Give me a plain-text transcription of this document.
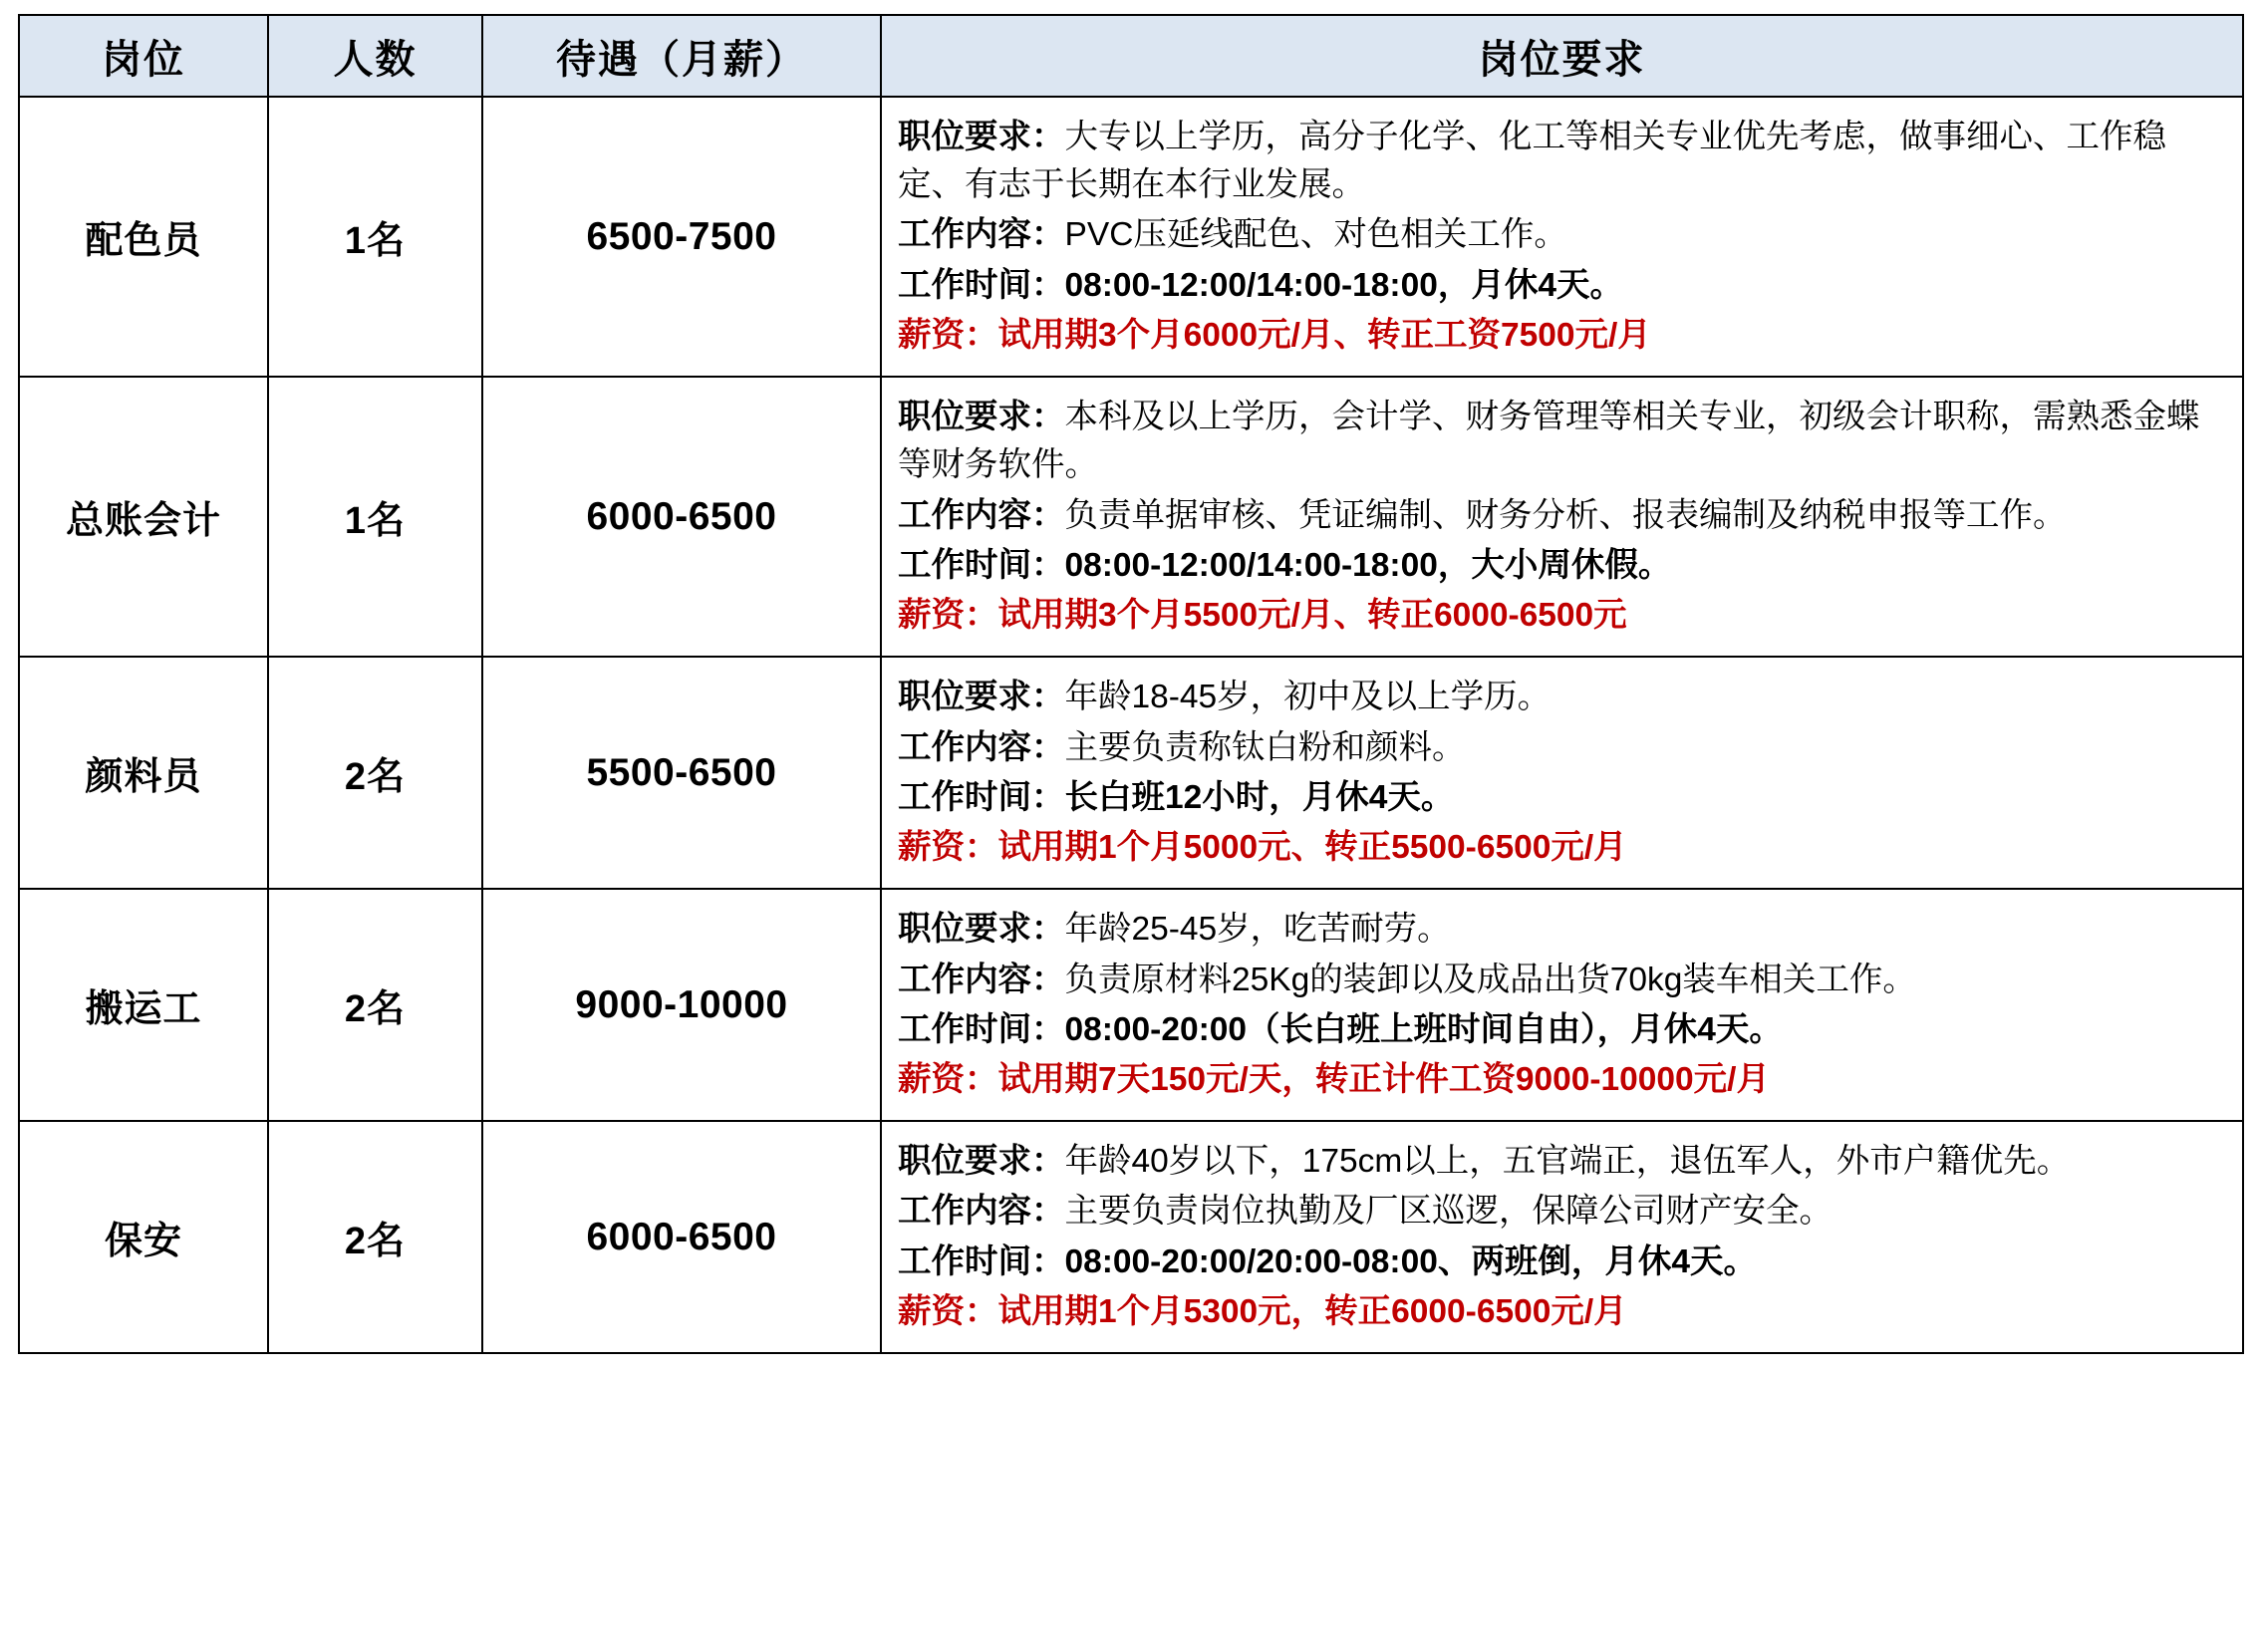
岗位	人数	待遇（月薪）	岗位要求
配色员	1名	6500-7500	职位要求：大专以上学历，高分子化学、化工等相关专业优先考虑，做事细心、工作稳定、有志于长期在本行业发展。

工作内容：PVC压延线配色、对色相关工作。

工作时间：08:00-12:00/14:00-18:00，月休4天。

薪资：试用期3个月6000元/月、转正工资7500元/月

总账会计	1名	6000-6500	职位要求：本科及以上学历，会计学、财务管理等相关专业，初级会计职称，需熟悉金蝶等财务软件。

工作内容：负责单据审核、凭证编制、财务分析、报表编制及纳税申报等工作。

工作时间：08:00-12:00/14:00-18:00，大小周休假。

薪资：试用期3个月5500元/月、转正6000-6500元

颜料员	2名	5500-6500	职位要求：年龄18-45岁，初中及以上学历。

工作内容：主要负责称钛白粉和颜料。

工作时间：长白班12小时，月休4天。

薪资：试用期1个月5000元、转正5500-6500元/月

搬运工	2名	9000-10000	职位要求：年龄25-45岁，吃苦耐劳。

工作内容：负责原材料25Kg的装卸以及成品出货70kg装车相关工作。

工作时间：08:00-20:00（长白班上班时间自由），月休4天。

薪资：试用期7天150元/天，转正计件工资9000-10000元/月

保安	2名	6000-6500	职位要求：年龄40岁以下，175cm以上，五官端正，退伍军人，外市户籍优先。

工作内容：主要负责岗位执勤及厂区巡逻，保障公司财产安全。

工作时间：08:00-20:00/20:00-08:00、两班倒，月休4天。

薪资：试用期1个月5300元，转正6000-6500元/月
